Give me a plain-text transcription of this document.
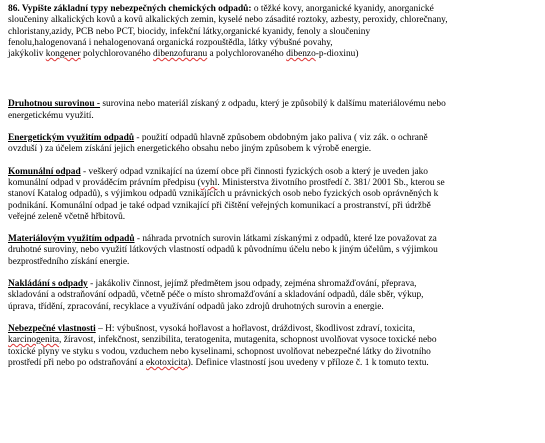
86. Vypište základní typy nebezpečných chemických odpadů: o těžké kovy, anorganické kyanidy, anorganické
sloučeniny alkalických kovů a kovů alkalických zemin, kyselé nebo zásadité roztoky, azbesty, peroxidy, chlorečnany,
chloristany,azidy, PCB nebo PCT, biocidy, infekční látky,organické kyanidy, fenoly a sloučeniny
fenolu,halogenovaná i nehalogenovaná organická rozpouštědla, látky výbušné povahy,
jakýkoliv kongener polychlorovaného dibenzofuranu a polychlorovaného dibenzo-p-dioxinu)

Druhotnou surovinou - surovina nebo materiál získaný z odpadu, který je způsobilý k dalšímu materiálovému nebo
energetickému využití.

Energetickým využitím odpadů - použití odpadů hlavně způsobem obdobným jako paliva ( viz zák. o ochraně
ovzduší ) za účelem získání jejich energetického obsahu nebo jiným způsobem k výrobě energie.

Komunální odpad - veškerý odpad vznikající na území obce při činnosti fyzických osob a který je uveden jako
komunální odpad v prováděcím právním předpisu (vyhl. Ministerstva životního prostředí č. 381/ 2001 Sb., kterou se
stanoví Katalog odpadů), s výjimkou odpadů vznikajících u právnických osob nebo fyzických osob oprávněných k
podnikání. Komunální odpad je také odpad vznikající při čištění veřejných komunikací a prostranství, při údržbě
veřejné zeleně včetně hřbitovů.

Materiálovým využitím odpadů - náhrada prvotních surovin látkami získanými z odpadů, které lze považovat za
druhotné suroviny, nebo využití látkových vlastností odpadů k původnímu účelu nebo k jiným účelům, s výjimkou
bezprostředního získání energie.

Nakládání s odpady - jakákoliv činnost, jejímž předmětem jsou odpady, zejména shromažďování, přeprava,
skladování a odstraňování odpadů, včetně péče o místo shromažďování a skladování odpadů, dále sběr, výkup,
úprava, třídění, zpracování, recyklace a využívání odpadů jako zdrojů druhotných surovin a energie.

Nebezpečné vlastnosti – H: výbušnost, vysoká hořlavost a hořlavost, dráždivost, škodlivost zdraví, toxicita,
karcinogenita, žíravost, infekčnost, senzibilita, teratogenita, mutagenita, schopnost uvolňovat vysoce toxické nebo
toxické plyny ve styku s vodou, vzduchem nebo kyselinami, schopnost uvolňovat nebezpečné látky do životního
prostředí při nebo po odstraňování a ekotoxicita). Definice vlastností jsou uvedeny v příloze č. 1 k tomuto textu.
